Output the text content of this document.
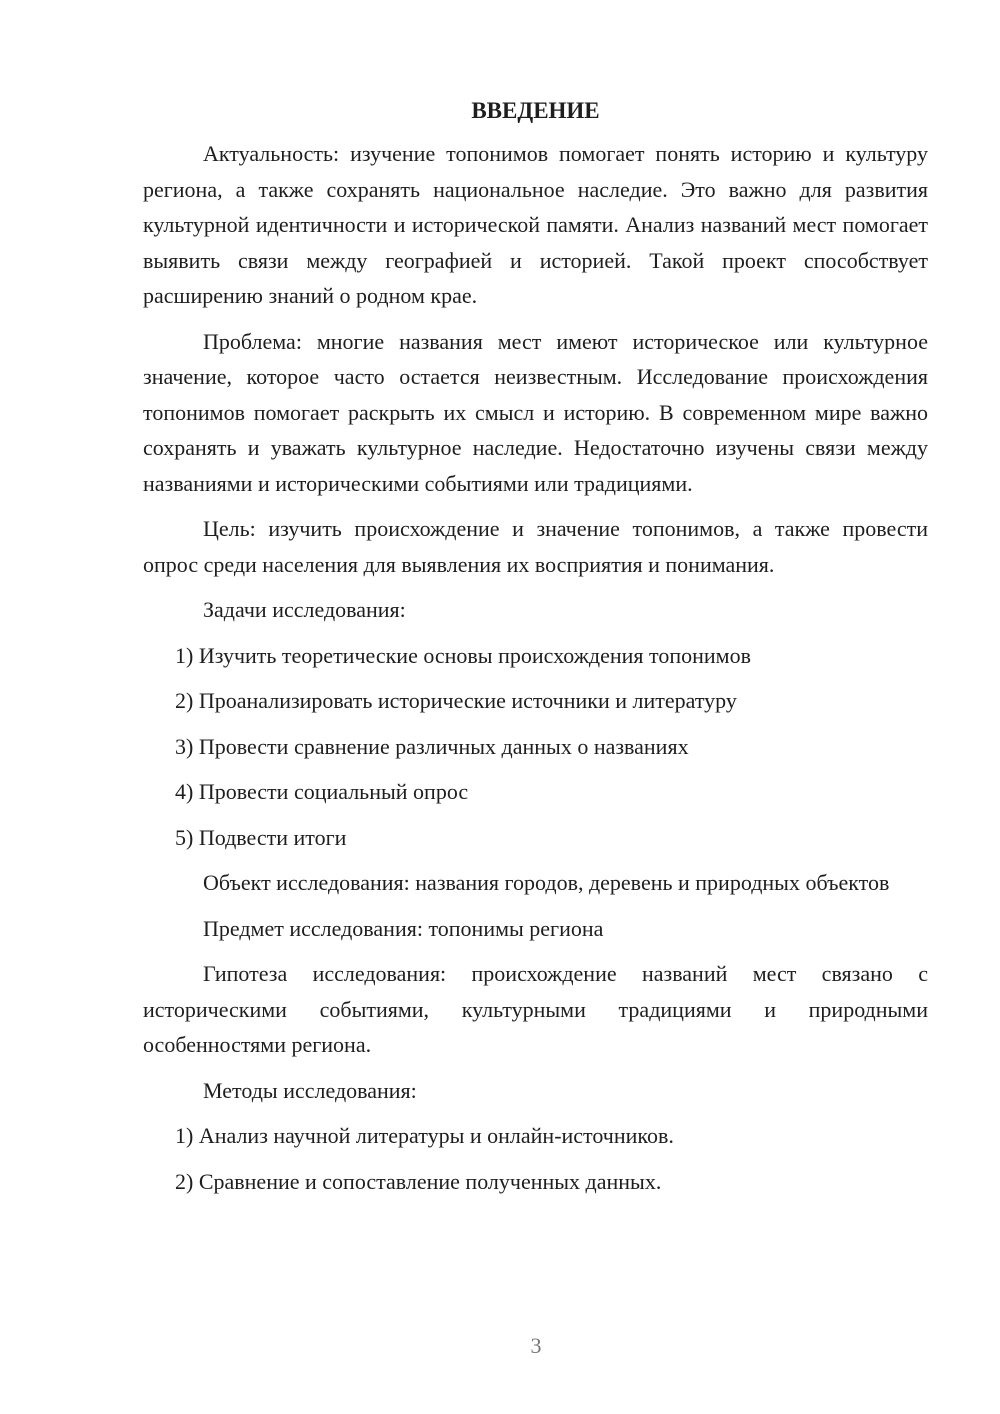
ВВЕДЕНИЕ

Актуальность: изучение топонимов помогает понять историю и культуру региона, а также сохранять национальное наследие. Это важно для развития культурной идентичности и исторической памяти. Анализ названий мест помогает выявить связи между географией и историей. Такой проект способствует расширению знаний о родном крае.

Проблема: многие названия мест имеют историческое или культурное значение, которое часто остается неизвестным. Исследование происхождения топонимов помогает раскрыть их смысл и историю. В современном мире важно сохранять и уважать культурное наследие. Недостаточно изучены связи между названиями и историческими событиями или традициями.

Цель: изучить происхождение и значение топонимов, а также провести опрос среди населения для выявления их восприятия и понимания.

Задачи исследования:

1) Изучить теоретические основы происхождения топонимов
2) Проанализировать исторические источники и литературу
3) Провести сравнение различных данных о названиях
4) Провести социальный опрос
5) Подвести итоги

Объект исследования: названия городов, деревень и природных объектов

Предмет исследования: топонимы региона

Гипотеза исследования: происхождение названий мест связано с историческими событиями, культурными традициями и природными особенностями региона.

Методы исследования:

1) Анализ научной литературы и онлайн-источников.
2) Сравнение и сопоставление полученных данных.
3
